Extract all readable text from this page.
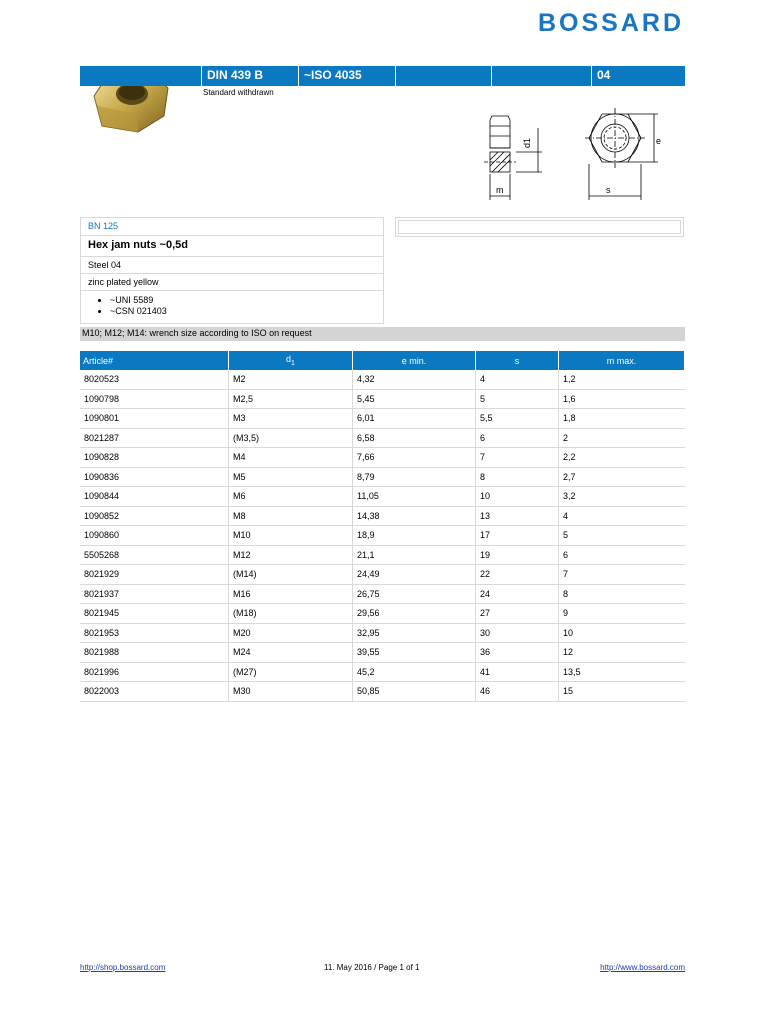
BOSSARD
DIN 439 B	~ISO 4035	04
Standard withdrawn
d1
m
e
s
BN 125
Hex jam nuts ~0,5d
Steel 04
zinc plated yellow
• ~UNI 5589
• ~CSN 021403
M10; M12; M14: wrench size according to ISO on request
Article#	$d_1$	e min.	s	m max.
8020523	M2	4,32	4	1,2
1090798	M2,5	5,45	5	1,6
1090801	M3	6,01	5,5	1,8
8021287	(M3,5)	6,58	6	2
1090828	M4	7,66	7	2,2
1090836	M5	8,79	8	2,7
1090844	M6	11,05	10	3,2
1090852	M8	14,38	13	4
1090860	M10	18,9	17	5
5505268	M12	21,1	19	6
8021929	(M14)	24,49	22	7
8021937	M16	26,75	24	8
8021945	(M18)	29,56	27	9
8021953	M20	32,95	30	10
8021988	M24	39,55	36	12
8021996	(M27)	45,2	41	13,5
8022003	M30	50,85	46	15
http://shop.bossard.com	11. May 2016 / Page 1 of 1	http://www.bossard.com
